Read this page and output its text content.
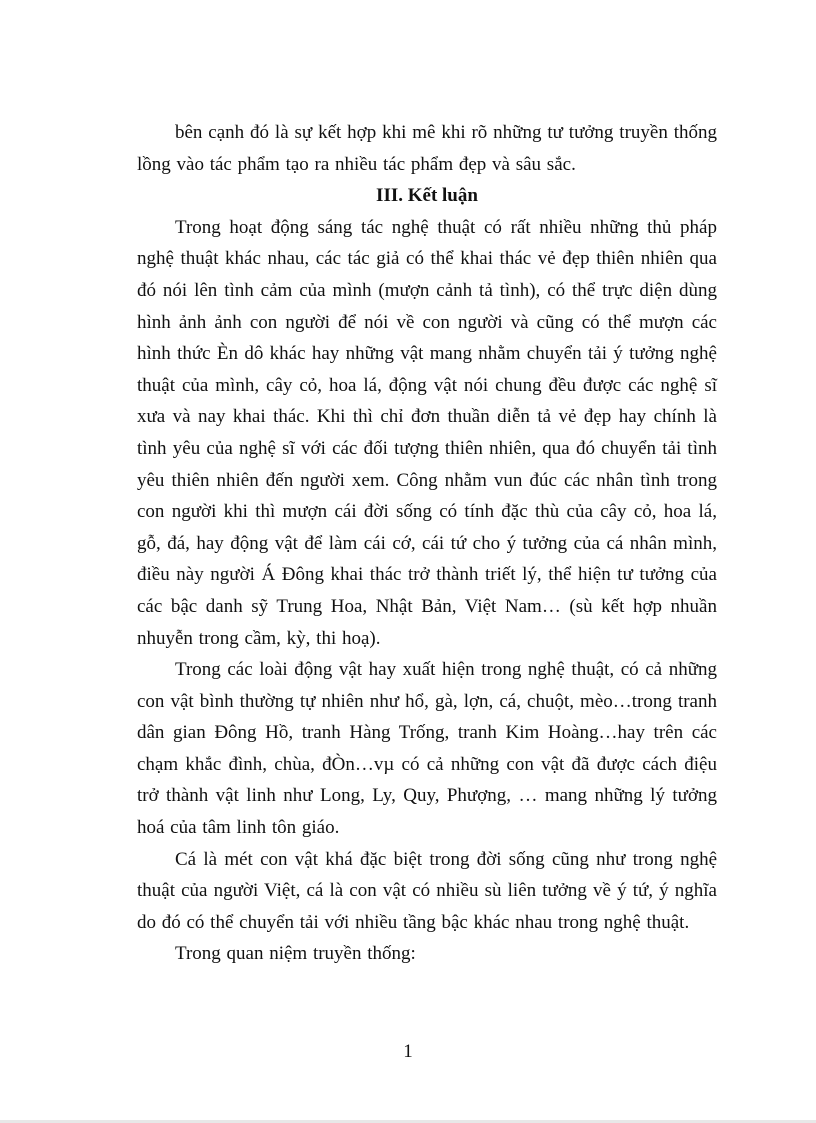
bên cạnh đó là sự kết hợp khi mê khi rõ những tư tưởng truyền thống lồng vào tác phẩm tạo ra nhiều tác phẩm đẹp và sâu sắc.

III. Kết luận

Trong hoạt động sáng tác nghệ thuật có rất nhiều những thủ pháp nghệ thuật khác nhau, các tác giả có thể khai thác vẻ đẹp thiên nhiên qua đó nói lên tình cảm của mình (mượn cảnh tả tình), có thể trực diện dùng hình ảnh ảnh con người để nói về con người và cũng có thể mượn các hình thức Èn dô khác hay những vật mang nhằm chuyển tải ý tưởng nghệ thuật của mình, cây cỏ, hoa lá, động vật nói chung đều được các nghệ sĩ xưa và nay khai thác. Khi thì chỉ đơn thuần diễn tả vẻ đẹp hay chính là tình yêu của nghệ sĩ với các đối tượng thiên nhiên, qua đó chuyển tải tình yêu thiên nhiên đến người xem. Công nhằm vun đúc các nhân tình trong con người khi thì mượn cái đời sống có tính đặc thù của cây cỏ, hoa lá, gỗ, đá, hay động vật để làm cái cớ, cái tứ cho ý tưởng của cá nhân mình, điều này người Á Đông khai thác trở thành triết lý, thể hiện tư tưởng của các bậc danh sỹ Trung Hoa, Nhật Bản, Việt Nam… (sù kết hợp nhuần nhuyễn trong cầm, kỳ, thi hoạ).

Trong các loài động vật hay xuất hiện trong nghệ thuật, có cả những con vật bình thường tự nhiên như hổ, gà, lợn, cá, chuột, mèo…trong tranh dân gian Đông Hồ, tranh Hàng Trống, tranh Kim Hoàng…hay trên các chạm khắc đình, chùa, đÒn…vµ có cả những con vật đã được cách điệu trở thành vật linh như Long, Ly, Quy, Phượng, … mang những lý tưởng hoá của tâm linh tôn giáo.

Cá là mét con vật khá đặc biệt trong đời sống cũng như trong nghệ thuật của người Việt, cá là con vật có nhiều sù liên tưởng về ý tứ, ý nghĩa do đó có thể chuyển tải với nhiều tầng bậc khác nhau trong nghệ thuật.

Trong quan niệm truyền thống:

1
